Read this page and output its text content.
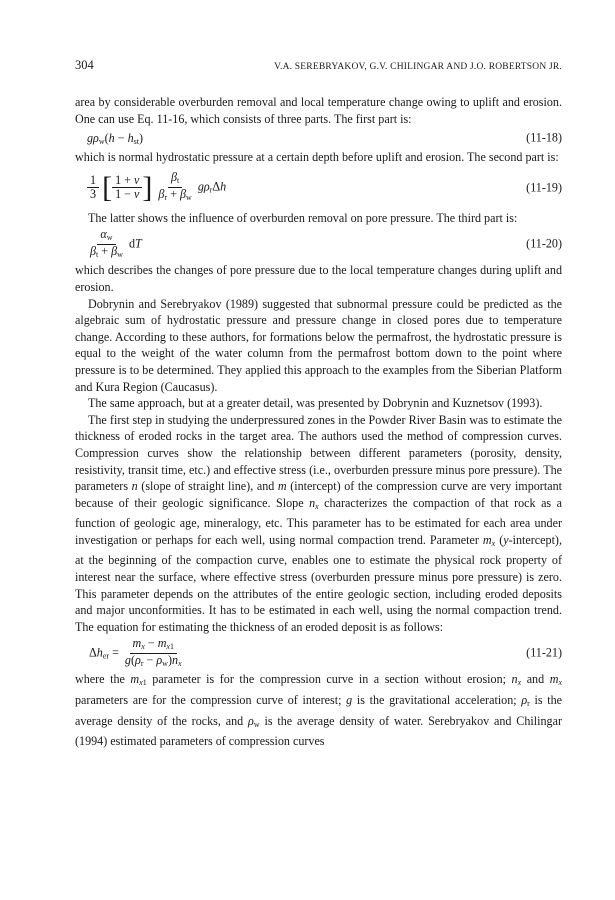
304	V.A. SEREBRYAKOV, G.V. CHILINGAR AND J.O. ROBERTSON JR.

area by considerable overburden removal and local temperature change owing to uplift and erosion. One can use Eq. 11-16, which consists of three parts. The first part is:

$g\rho_w(h - h_{st})$	(11-18)

which is normal hydrostatic pressure at a certain depth before uplift and erosion. The second part is:

$\frac{1}{3}$
[ $\frac{1 + v}{1 - v}$ ]
$\frac{\beta_t}{\beta_r + \beta_w} g\rho_r\Delta h$	(11-19)

The latter shows the influence of overburden removal on pore pressure. The third part is:

$\frac{\alpha_w}{\beta_t + \beta_w}$ dT	(11-20)

which describes the changes of pore pressure due to the local temperature changes during uplift and erosion.

Dobrynin and Serebryakov (1989) suggested that subnormal pressure could be predicted as the algebraic sum of hydrostatic pressure and pressure change in closed pores due to temperature change. According to these authors, for formations below the permafrost, the hydrostatic pressure is equal to the weight of the water column from the permafrost bottom down to the point where pressure is to be determined. They applied this approach to the examples from the Siberian Platform and Kura Region (Caucasus).

The same approach, but at a greater detail, was presented by Dobrynin and Kuznetsov (1993).

The first step in studying the underpressured zones in the Powder River Basin was to estimate the thickness of eroded rocks in the target area. The authors used the method of compression curves. Compression curves show the relationship between different parameters (porosity, density, resistivity, transit time, etc.) and effective stress (i.e., overburden pressure minus pore pressure). The parameters n (slope of straight line), and m (intercept) of the compression curve are very important because of their geologic significance. Slope $n_x$ characterizes the compaction of that rock as a function of geologic age, mineralogy, etc. This parameter has to be estimated for each area under investigation or perhaps for each well, using normal compaction trend. Parameter $m_x$ (y-intercept), at the beginning of the compaction curve, enables one to estimate the physical rock property of interest near the surface, where effective stress (overburden pressure minus pore pressure) is zero. This parameter depends on the attributes of the entire geologic section, including eroded deposits and major unconformities. It has to be estimated in each well, using the normal compaction trend. The equation for estimating the thickness of an eroded deposit is as follows:

$\Delta h_{er} = \frac{m_x - m_{x1}}{g(\rho_r - \rho_w)n_x}$	(11-21)

where the $m_{x1}$ parameter is for the compression curve in a section without erosion; $n_x$ and $m_x$ parameters are for the compression curve of interest; g is the gravitational acceleration; $\rho_r$ is the average density of the rocks, and $\rho_w$ is the average density of water. Serebryakov and Chilingar (1994) estimated parameters of compression curves
